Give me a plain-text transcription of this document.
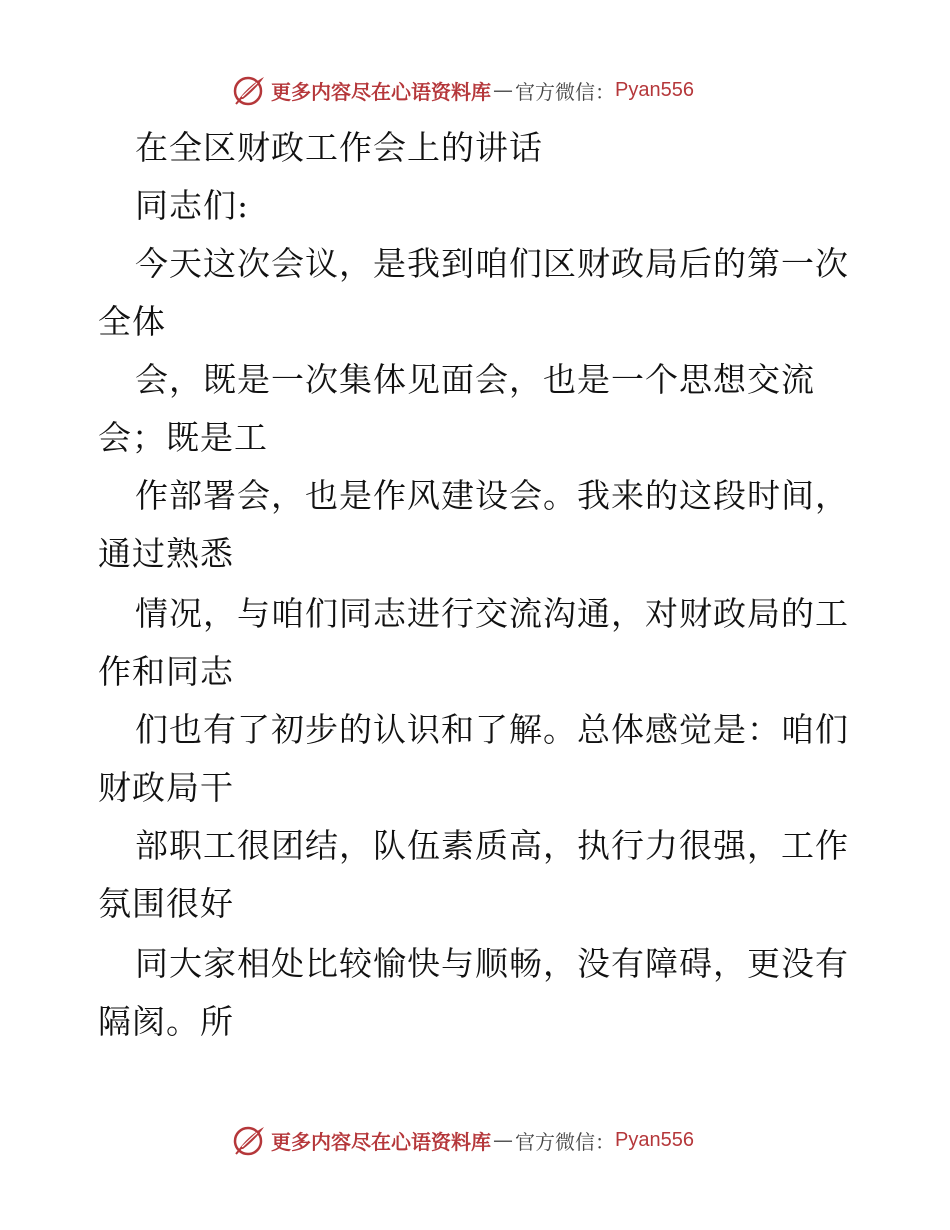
更多内容尽在心语资料库 — 官方微信： Pyan556
在全区财政工作会上的讲话
同志们:
今天这次会议，是我到咱们区财政局后的第一次
全体
会，既是一次集体见面会，也是一个思想交流
会；既是工
作部署会，也是作风建设会。我来的这段时间，
通过熟悉
情况，与咱们同志进行交流沟通，对财政局的工
作和同志
们也有了初步的认识和了解。总体感觉是：咱们
财政局干
部职工很团结，队伍素质高，执行力很强，工作
氛围很好
同大家相处比较愉快与顺畅，没有障碍，更没有
隔阂。所
更多内容尽在心语资料库 — 官方微信： Pyan556
